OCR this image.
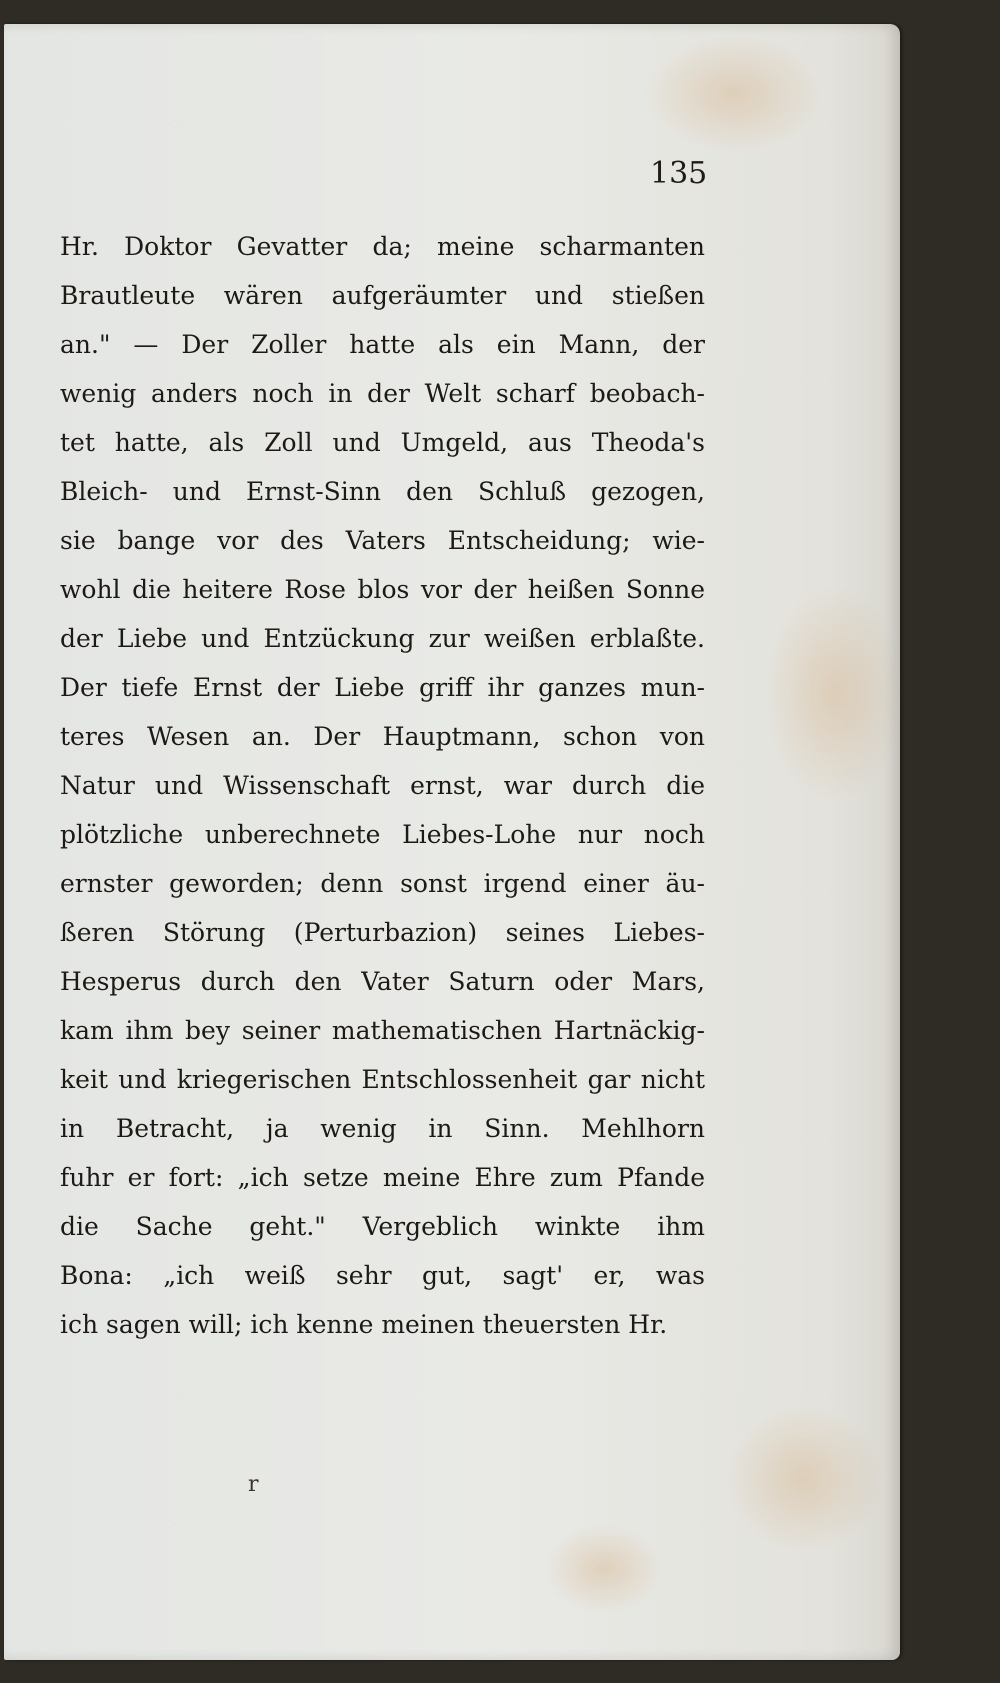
135
Hr. Doktor Gevatter da; meine scharmanten
Brautleute wären aufgeräumter und stießen
an." — Der Zoller hatte als ein Mann, der
wenig anders noch in der Welt scharf beobach-
tet hatte, als Zoll und Umgeld, aus Theoda's
Bleich- und Ernst-Sinn den Schluß gezogen,
sie bange vor des Vaters Entscheidung; wie-
wohl die heitere Rose blos vor der heißen Sonne
der Liebe und Entzückung zur weißen erblaßte.
Der tiefe Ernst der Liebe griff ihr ganzes mun-
teres Wesen an. Der Hauptmann, schon von
Natur und Wissenschaft ernst, war durch die
plötzliche unberechnete Liebes-Lohe nur noch
ernster geworden; denn sonst irgend einer äu-
ßeren Störung (Perturbazion) seines Liebes-
Hesperus durch den Vater Saturn oder Mars,
kam ihm bey seiner mathematischen Hartnäckig-
keit und kriegerischen Entschlossenheit gar nicht
in Betracht, ja wenig in Sinn. Mehlhorn
fuhr er fort: „ich setze meine Ehre zum Pfande
die Sache geht." Vergeblich winkte ihm
Bona: „ich weiß sehr gut, sagt' er, was
ich sagen will; ich kenne meinen theuersten Hr.
r
